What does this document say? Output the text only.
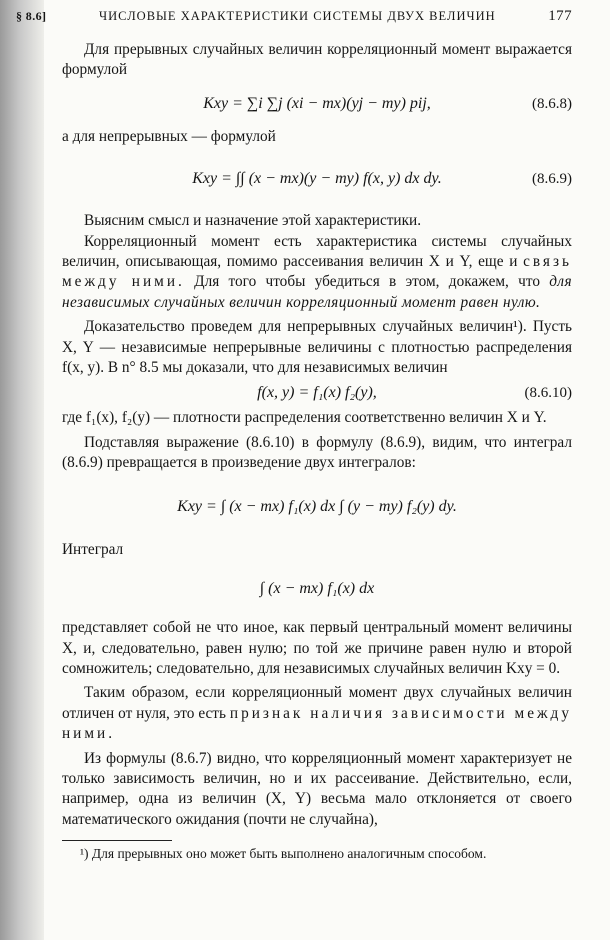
§ 8.6]	ЧИСЛОВЫЕ ХАРАКТЕРИСТИКИ СИСТЕМЫ ДВУХ ВЕЛИЧИН	177

Для прерывных случайных величин корреляционный момент выражается формулой

Kxy = ∑i ∑j (xi − mx)(yj − my) pij,	(8.6.8)

а для непрерывных — формулой

Kxy = ∫∫ (x − mx)(y − my) f(x, y) dx dy.	(8.6.9)

Выясним смысл и назначение этой характеристики.

Корреляционный момент есть характеристика системы случайных величин, описывающая, помимо рассеивания величин X и Y, еще и связь между ними. Для того чтобы убедиться в этом, докажем, что для независимых случайных величин корреляционный момент равен нулю.

Доказательство проведем для непрерывных случайных величин¹). Пусть X, Y — независимые непрерывные величины с плотностью распределения f(x, y). В n° 8.5 мы доказали, что для независимых величин

f(x, y) = f₁(x) f₂(y),	(8.6.10)

где f₁(x), f₂(y) — плотности распределения соответственно величин X и Y.

Подставляя выражение (8.6.10) в формулу (8.6.9), видим, что интеграл (8.6.9) превращается в произведение двух интегралов:

Kxy = ∫ (x − mx) f₁(x) dx ∫ (y − my) f₂(y) dy.

Интеграл

∫ (x − mx) f₁(x) dx

представляет собой не что иное, как первый центральный момент величины X, и, следовательно, равен нулю; по той же причине равен нулю и второй сомножитель; следовательно, для независимых случайных величин Kxy = 0.

Таким образом, если корреляционный момент двух случайных величин отличен от нуля, это есть признак наличия зависимости между ними.

Из формулы (8.6.7) видно, что корреляционный момент характеризует не только зависимость величин, но и их рассеивание. Действительно, если, например, одна из величин (X, Y) весьма мало отклоняется от своего математического ожидания (почти не случайна),

¹) Для прерывных оно может быть выполнено аналогичным способом.
